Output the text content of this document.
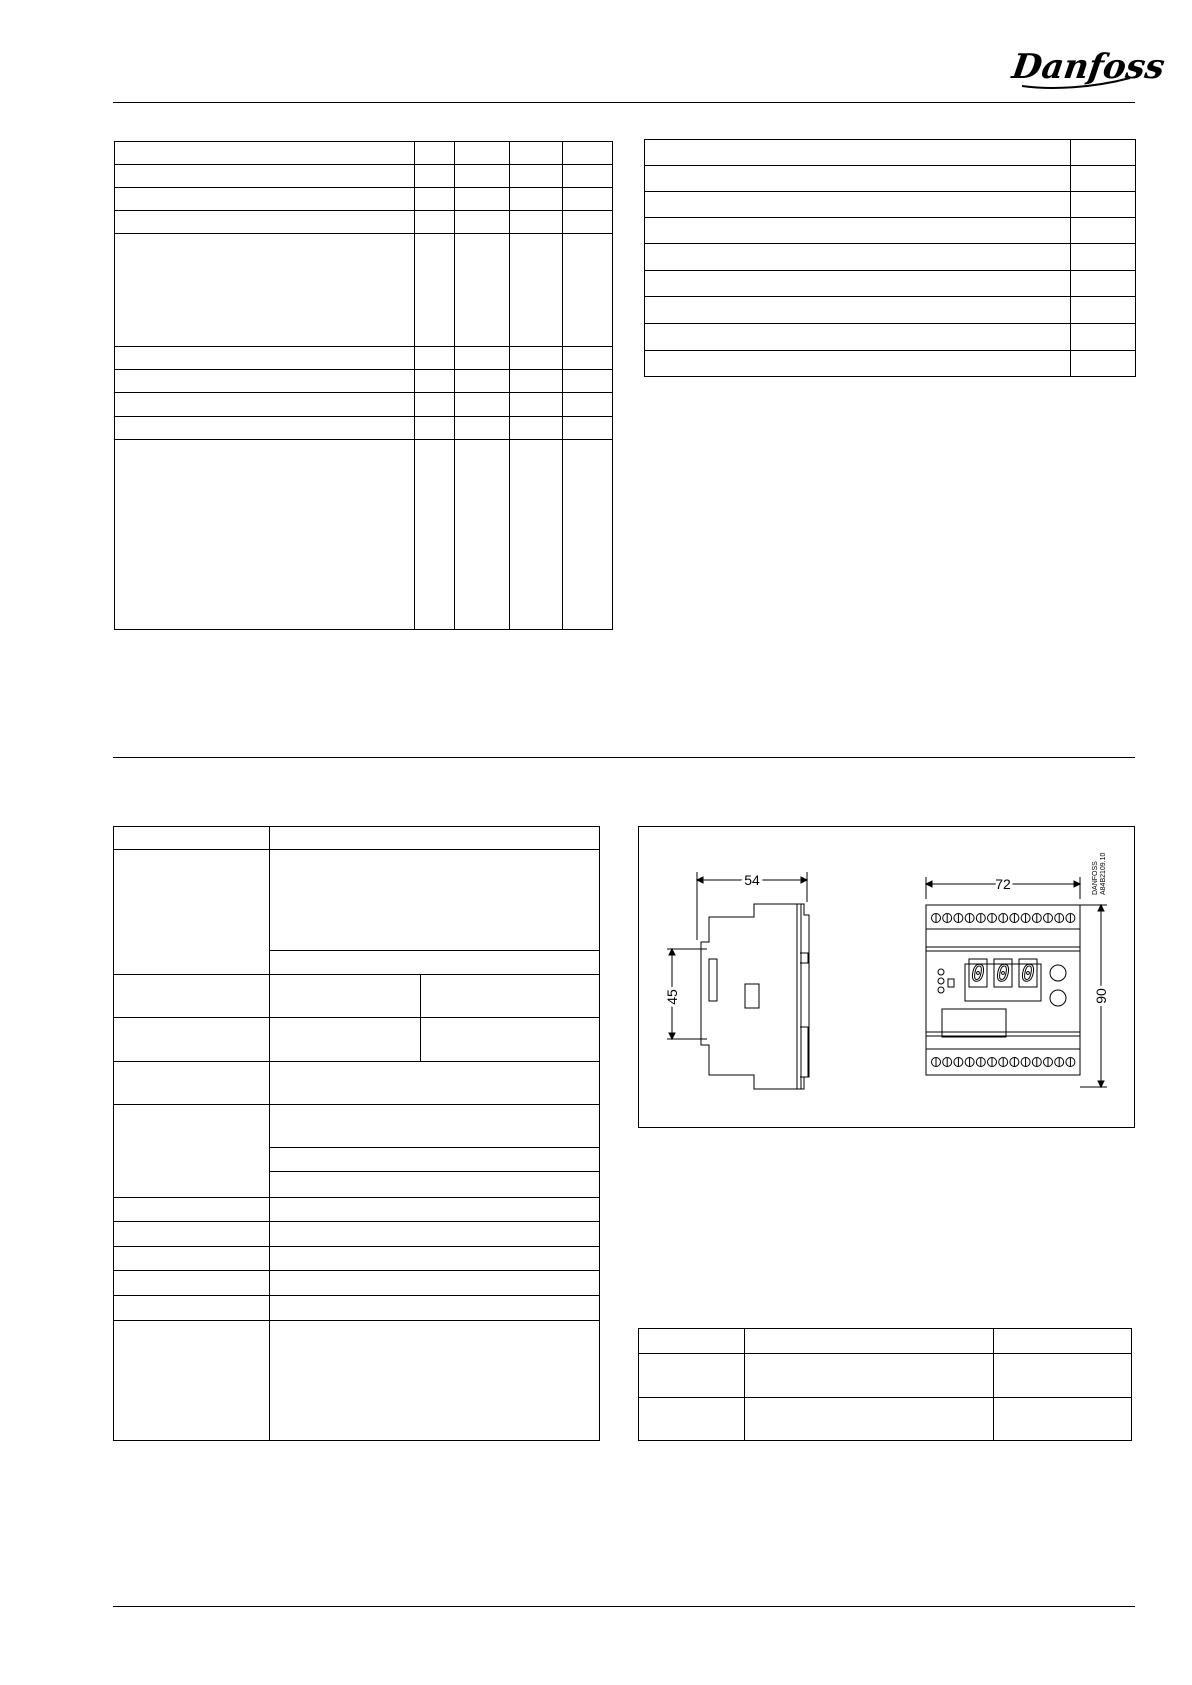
Danfoss
54
45
0 0 0
72
90
DANFOSS A84B2109.10
